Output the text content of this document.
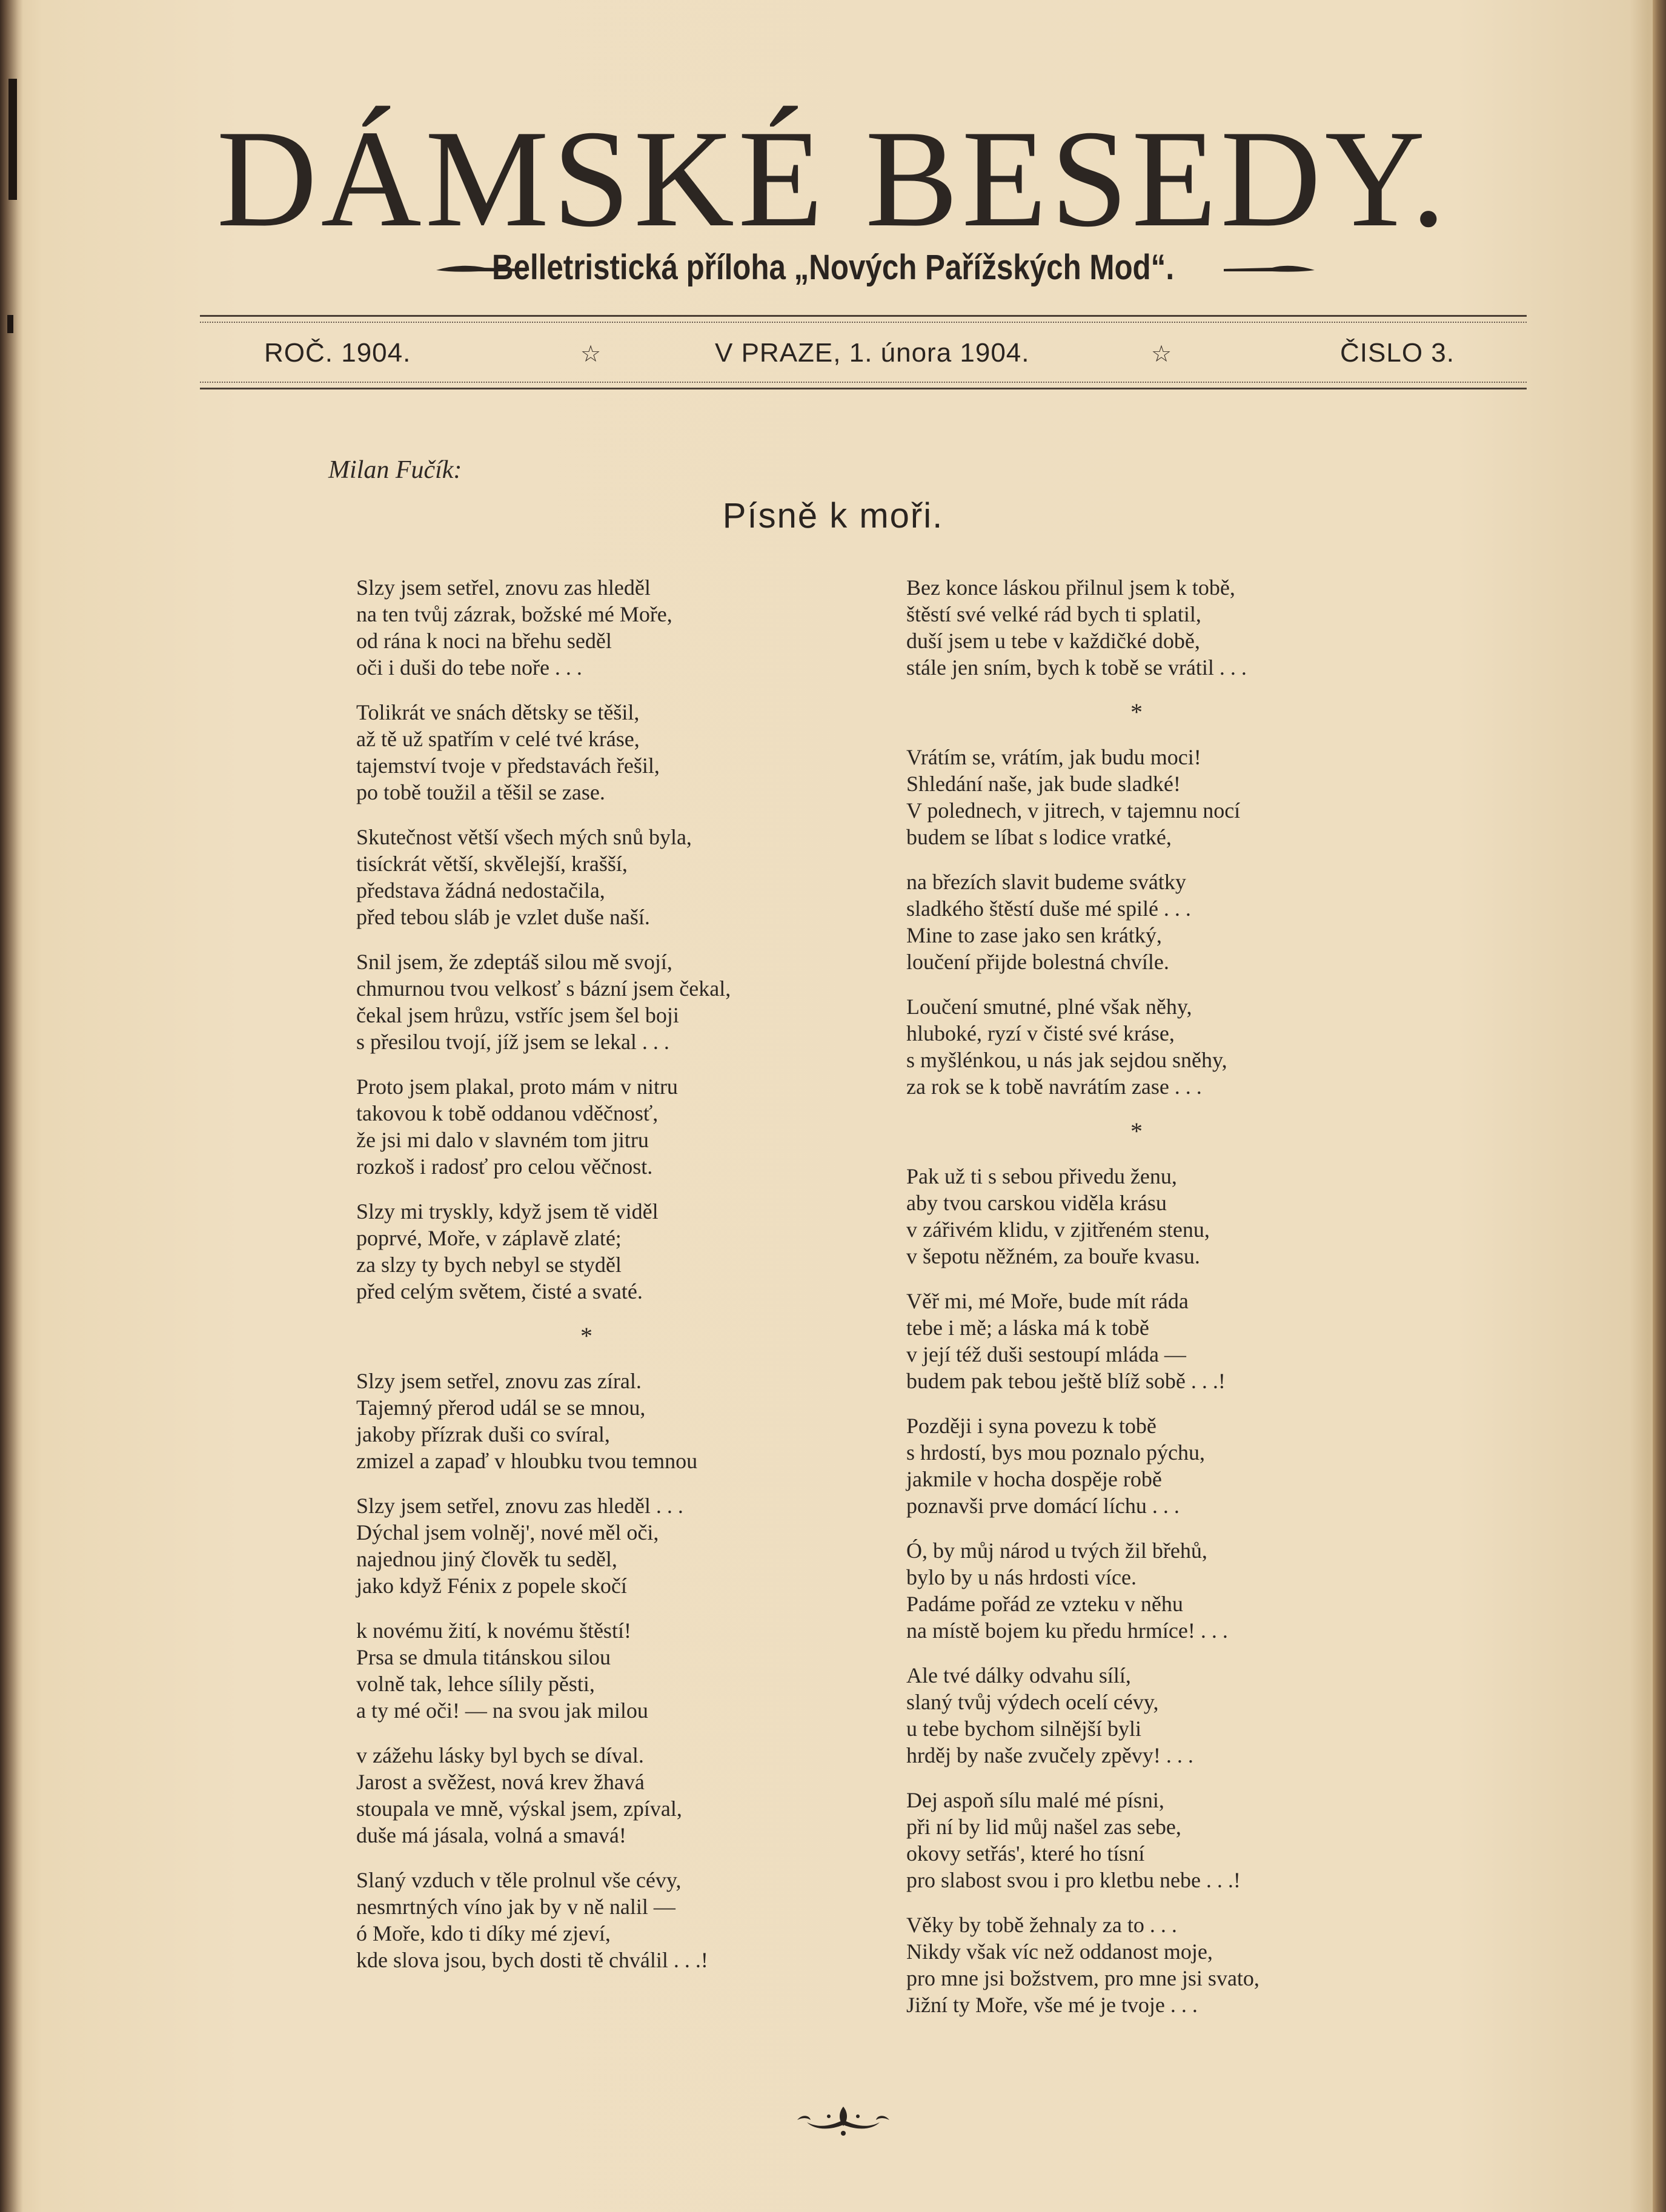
DÁMSKÉ BESEDY.
Belletristická příloha „Nových Pařížských Mod“.
ROČ. 1904.	☆	V PRAZE, 1. února 1904.	☆	ČISLO 3.
Milan Fučík:
Písně k moři.
Slzy jsem setřel, znovu zas hleděl
na ten tvůj zázrak, božské mé Moře,
od rána k noci na břehu seděl
oči i duši do tebe noře . . .
Tolikrát ve snách dětsky se těšil,
až tě už spatřím v celé tvé kráse,
tajemství tvoje v představách řešil,
po tobě toužil a těšil se zase.
Skutečnost větší všech mých snů byla,
tisíckrát větší, skvělejší, krašší,
představa žádná nedostačila,
před tebou sláb je vzlet duše naší.
Snil jsem, že zdeptáš silou mě svojí,
chmurnou tvou velkosť s bázní jsem čekal,
čekal jsem hrůzu, vstříc jsem šel boji
s přesilou tvojí, jíž jsem se lekal . . .
Proto jsem plakal, proto mám v nitru
takovou k tobě oddanou vděčnosť,
že jsi mi dalo v slavném tom jitru
rozkoš i radosť pro celou věčnost.
Slzy mi tryskly, když jsem tě viděl
poprvé, Moře, v záplavě zlaté;
za slzy ty bych nebyl se styděl
před celým světem, čisté a svaté.
*
Slzy jsem setřel, znovu zas zíral.
Tajemný přerod udál se se mnou,
jakoby přízrak duši co svíral,
zmizel a zapaď v hloubku tvou temnou
Slzy jsem setřel, znovu zas hleděl . . .
Dýchal jsem volněj', nové měl oči,
najednou jiný člověk tu seděl,
jako když Fénix z popele skočí
k novému žití, k novému štěstí!
Prsa se dmula titánskou silou
volně tak, lehce sílily pěsti,
a ty mé oči! — na svou jak milou
v zážehu lásky byl bych se díval.
Jarost a svěžest, nová krev žhavá
stoupala ve mně, výskal jsem, zpíval,
duše má jásala, volná a smavá!
Slaný vzduch v těle prolnul vše cévy,
nesmrtných víno jak by v ně nalil —
ó Moře, kdo ti díky mé zjeví,
kde slova jsou, bych dosti tě chválil . . .!
Bez konce láskou přilnul jsem k tobě,
štěstí své velké rád bych ti splatil,
duší jsem u tebe v každičké době,
stále jen sním, bych k tobě se vrátil . . .
*
Vrátím se, vrátím, jak budu moci!
Shledání naše, jak bude sladké!
V polednech, v jitrech, v tajemnu nocí
budem se líbat s lodice vratké,
na březích slavit budeme svátky
sladkého štěstí duše mé spilé . . .
Mine to zase jako sen krátký,
loučení přijde bolestná chvíle.
Loučení smutné, plné však něhy,
hluboké, ryzí v čisté své kráse,
s myšlénkou, u nás jak sejdou sněhy,
za rok se k tobě navrátím zase . . .
*
Pak už ti s sebou přivedu ženu,
aby tvou carskou viděla krásu
v zářivém klidu, v zjitřeném stenu,
v šepotu něžném, za bouře kvasu.
Věř mi, mé Moře, bude mít ráda
tebe i mě; a láska má k tobě
v její též duši sestoupí mláda —
budem pak tebou ještě blíž sobě . . .!
Později i syna povezu k tobě
s hrdostí, bys mou poznalo pýchu,
jakmile v hocha dospěje robě
poznavši prve domácí líchu . . .
Ó, by můj národ u tvých žil břehů,
bylo by u nás hrdosti více.
Padáme pořád ze vzteku v něhu
na místě bojem ku předu hrmíce! . . .
Ale tvé dálky odvahu sílí,
slaný tvůj výdech ocelí cévy,
u tebe bychom silnější byli
hrděj by naše zvučely zpěvy! . . .
Dej aspoň sílu malé mé písni,
při ní by lid můj našel zas sebe,
okovy setřás', které ho tísní
pro slabost svou i pro kletbu nebe . . .!
Věky by tobě žehnaly za to . . .
Nikdy však víc než oddanost moje,
pro mne jsi božstvem, pro mne jsi svato,
Jižní ty Moře, vše mé je tvoje . . .
